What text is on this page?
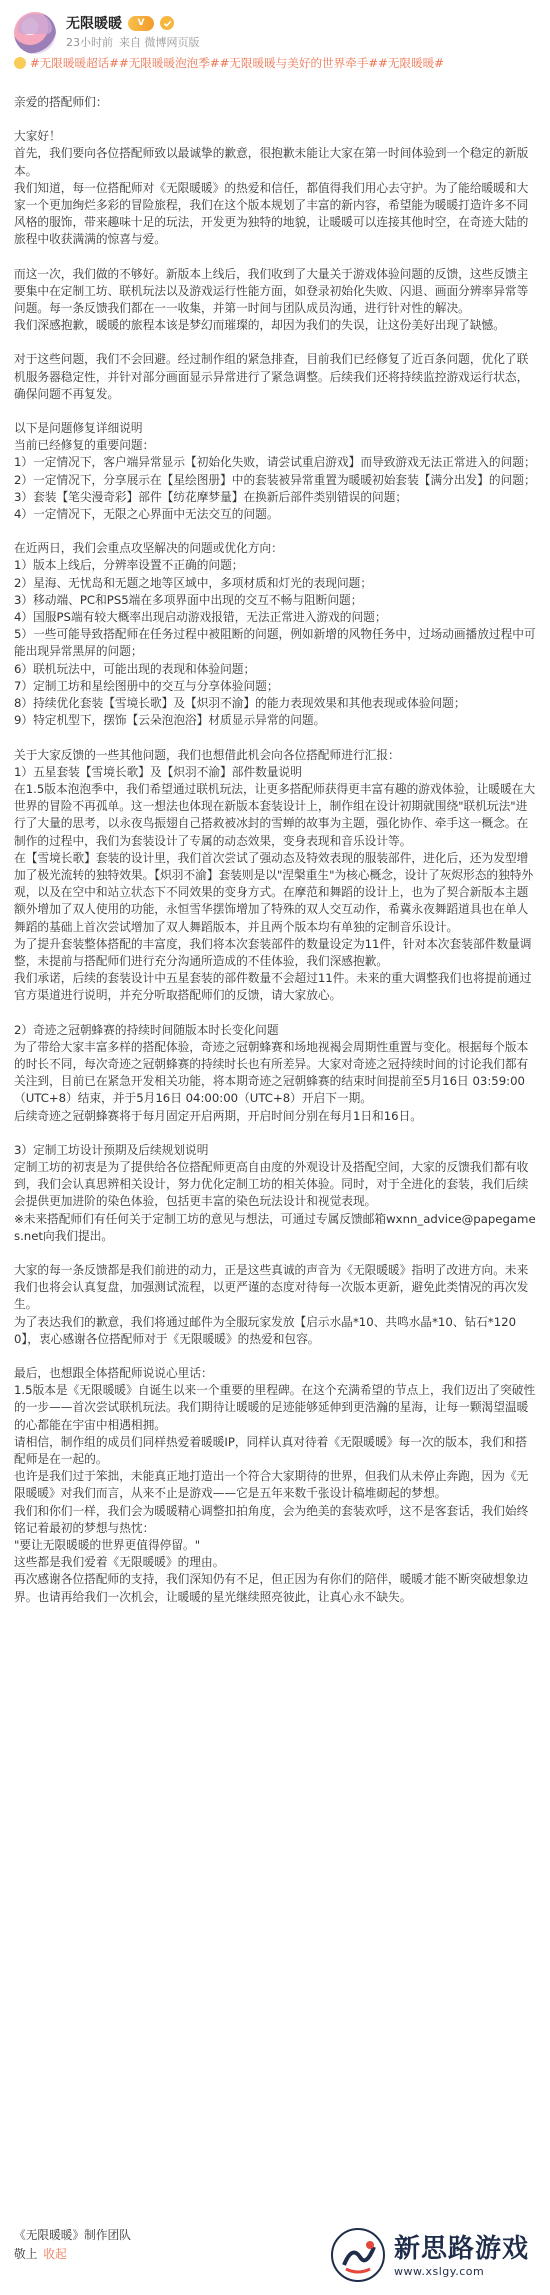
无限暖暖	V
23小时前 来自 微博网页版
#无限暖暖超话##无限暖暖泡泡季##无限暖暖与美好的世界牵手##无限暖暖#
亲爱的搭配师们：
大家好！
首先，我们要向各位搭配师致以最诚挚的歉意，很抱歉未能让大家在第一时间体验到一个稳定的新版本。
我们知道，每一位搭配师对《无限暖暖》的热爱和信任，都值得我们用心去守护。为了能给暖暖和大家一个更加绚烂多彩的冒险旅程，我们在这个版本规划了丰富的新内容，希望能为暖暖打造许多不同风格的服饰，带来趣味十足的玩法，开发更为独特的地貌，让暖暖可以连接其他时空，在奇迹大陆的旅程中收获满满的惊喜与爱。
而这一次，我们做的不够好。新版本上线后，我们收到了大量关于游戏体验问题的反馈，这些反馈主要集中在定制工坊、联机玩法以及游戏运行性能方面，如登录初始化失败、闪退、画面分辨率异常等问题。每一条反馈我们都在一一收集，并第一时间与团队成员沟通，进行针对性的解决。
我们深感抱歉，暖暖的旅程本该是梦幻而璀璨的，却因为我们的失误，让这份美好出现了缺憾。
对于这些问题，我们不会回避。经过制作组的紧急排查，目前我们已经修复了近百条问题，优化了联机服务器稳定性，并针对部分画面显示异常进行了紧急调整。后续我们还将持续监控游戏运行状态，确保问题不再复发。
以下是问题修复详细说明
当前已经修复的重要问题：
1）一定情况下，客户端异常显示【初始化失败，请尝试重启游戏】而导致游戏无法正常进入的问题；
2）一定情况下，分享展示在【星绘图册】中的套装被异常重置为暖暖初始套装【满分出发】的问题；
3）套装【笔尖漫奇彩】部件【纺花摩梦量】在换新后部件类别错误的问题；
4）一定情况下，无限之心界面中无法交互的问题。
在近两日，我们会重点攻坚解决的问题或优化方向：
1）版本上线后，分辨率设置不正确的问题；
2）星海、无忧岛和无题之地等区域中，多项材质和灯光的表现问题；
3）移动端、PC和PS5端在多项界面中出现的交互不畅与阻断问题；
4）国服PS端有较大概率出现启动游戏报错，无法正常进入游戏的问题；
5）一些可能导致搭配师在任务过程中被阻断的问题，例如新增的风物任务中，过场动画播放过程中可能出现异常黑屏的问题；
6）联机玩法中，可能出现的表现和体验问题；
7）定制工坊和星绘图册中的交互与分享体验问题；
8）持续优化套装【雪境长歌】及【炽羽不渝】的能力表现效果和其他表现或体验问题；
9）特定机型下，摆饰【云朵泡泡浴】材质显示异常的问题。
关于大家反馈的一些其他问题，我们也想借此机会向各位搭配师进行汇报：
1）五星套装【雪境长歌】及【炽羽不渝】部件数量说明
在1.5版本泡泡季中，我们希望通过联机玩法，让更多搭配师获得更丰富有趣的游戏体验，让暖暖在大世界的冒险不再孤单。这一想法也体现在新版本套装设计上，制作组在设计初期就围绕"联机玩法"进行了大量的思考，以永夜鸟振翅自己搭救被冰封的雪蝉的故事为主题，强化协作、牵手这一概念。在制作的过程中，我们为套装设计了专属的动态效果，变身表现和音乐设计等。
在【雪境长歌】套装的设计里，我们首次尝试了强动态及特效表现的服装部件，进化后，还为发型增加了极光流转的独特效果。【炽羽不渝】套装则是以"涅槃重生"为核心概念，设计了灰烬形态的独特外观，以及在空中和站立状态下不同效果的变身方式。在摩范和舞蹈的设计上，也为了契合新版本主题额外增加了双人使用的功能，永恒雪华摆饰增加了特殊的双人交互动作，希冀永夜舞蹈道具也在单人舞蹈的基础上首次尝试增加了双人舞蹈版本，并且两个版本均有单独的定制音乐设计。
为了提升套装整体搭配的丰富度，我们将本次套装部件的数量设定为11件，针对本次套装部件数量调整，未提前与搭配师们进行充分沟通所造成的不佳体验，我们深感抱歉。
我们承诺，后续的套装设计中五星套装的部件数量不会超过11件。未来的重大调整我们也将提前通过官方渠道进行说明，并充分听取搭配师们的反馈，请大家放心。
2）奇迹之冠朝蜂赛的持续时间随版本时长变化问题
为了带给大家丰富多样的搭配体验，奇迹之冠朝蜂赛和场地视褐会周期性重置与变化。根据每个版本的时长不同，每次奇迹之冠朝蜂赛的持续时长也有所差异。大家对奇迹之冠持续时间的讨论我们都有关注到，目前已在紧急开发相关功能，将本期奇迹之冠朝蜂赛的结束时间提前至5月16日 03:59:00（UTC+8）结束，并于5月16日 04:00:00（UTC+8）开启下一期。
后续奇迹之冠朝蜂赛将于每月固定开启两期，开启时间分别在每月1日和16日。
3）定制工坊设计预期及后续规划说明
定制工坊的初衷是为了提供给各位搭配师更高自由度的外观设计及搭配空间，大家的反馈我们都有收到，我们会认真思辨相关设计，努力优化定制工坊的相关体验。同时，对于全进化的套装，我们后续会提供更加进阶的染色体验，包括更丰富的染色玩法设计和视觉表现。
※未来搭配师们有任何关于定制工坊的意见与想法，可通过专属反馈邮箱wxnn_advice@papegames.net向我们提出。
大家的每一条反馈都是我们前进的动力，正是这些真诚的声音为《无限暖暖》指明了改进方向。未来我们也将会认真复盘，加强测试流程，以更严谨的态度对待每一次版本更新，避免此类情况的再次发生。
为了表达我们的歉意，我们将通过邮件为全服玩家发放【启示水晶*10、共鸣水晶*10、钻石*1200】，衷心感谢各位搭配师对于《无限暖暖》的热爱和包容。
最后，也想跟全体搭配师说说心里话：
1.5版本是《无限暖暖》自诞生以来一个重要的里程碑。在这个充满希望的节点上，我们迈出了突破性的一步——首次尝试联机玩法。我们期待让暖暖的足迹能够延伸到更浩瀚的星海，让每一颗渴望温暖的心都能在宇宙中相遇相拥。
请相信，制作组的成员们同样热爱着暖暖IP，同样认真对待着《无限暖暖》每一次的版本，我们和搭配师是在一起的。
也许是我们过于笨拙，未能真正地打造出一个符合大家期待的世界，但我们从未停止奔跑，因为《无限暖暖》对我们而言，从来不止是游戏——它是五年来数千张设计稿堆砌起的梦想。
我们和你们一样，我们会为暖暖精心调整扣拍角度，会为绝美的套装欢呼，这不是客套话，我们始终铭记着最初的梦想与热忱：
"要让无限暖暖的世界更值得停留。"
这些都是我们爱着《无限暖暖》的理由。
再次感谢各位搭配师的支持，我们深知仍有不足，但正因为有你们的陪伴，暖暖才能不断突破想象边界。也请再给我们一次机会，让暖暖的星光继续照亮彼此，让真心永不缺失。
《无限暖暖》制作团队
敬上 收起	新思路游戏
www.xslgy.com
